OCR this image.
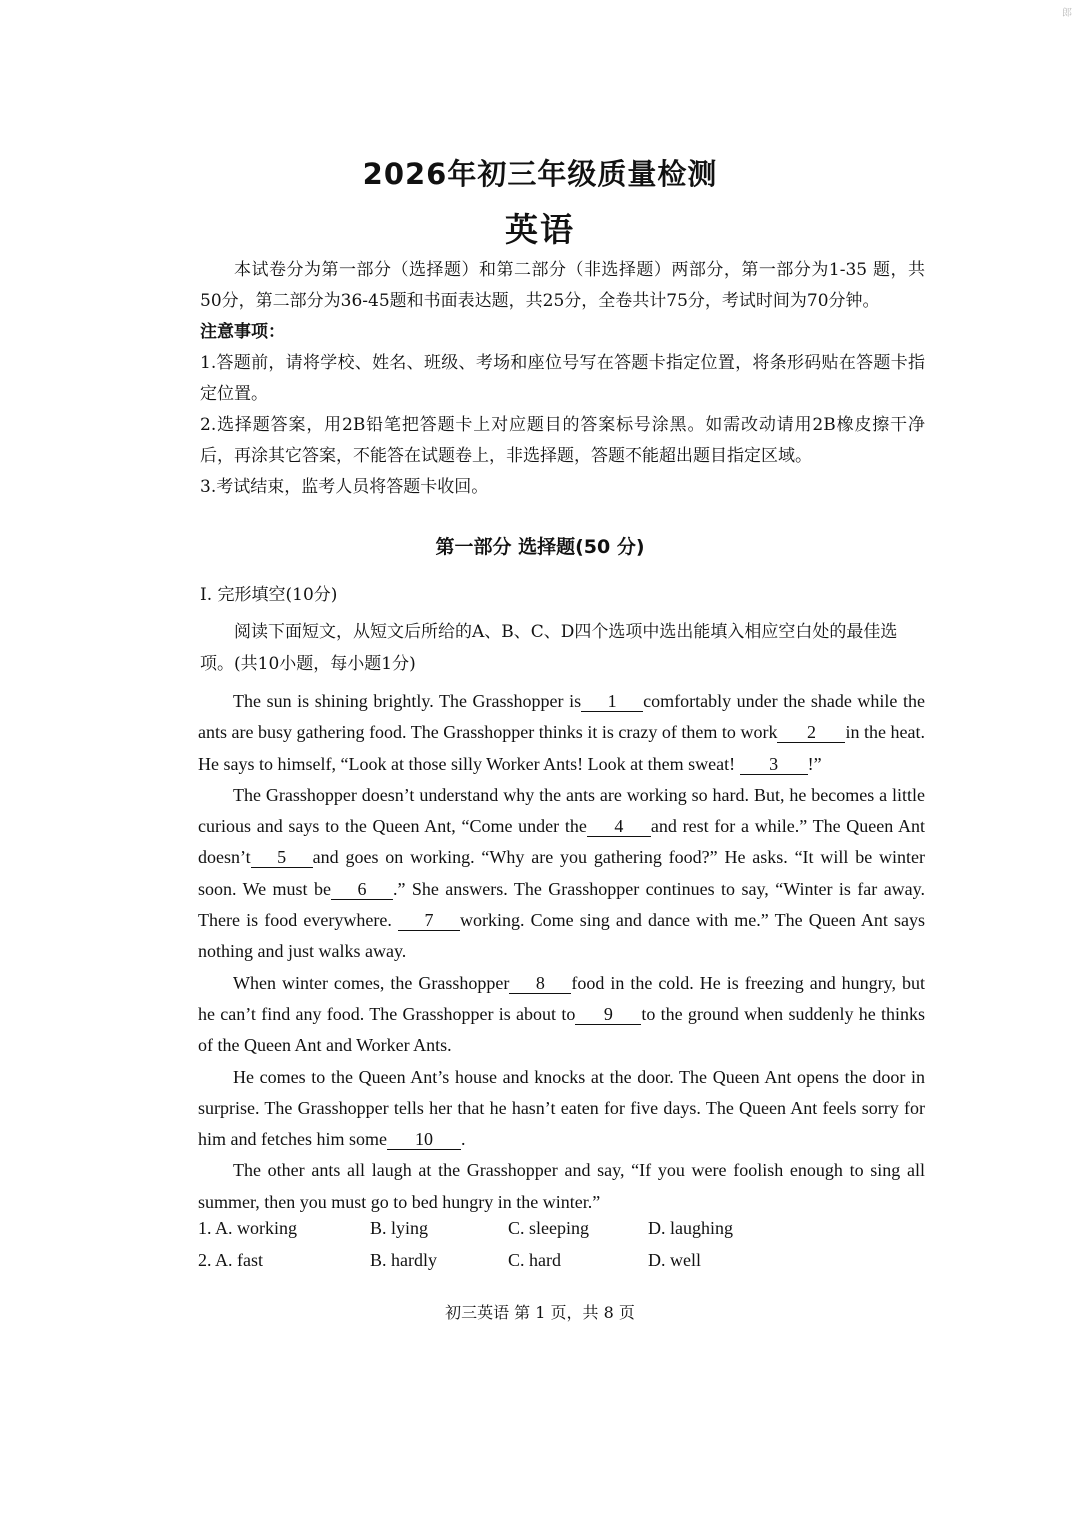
郎
2026年初三年级质量检测
英语

本试卷分为第一部分（选择题）和第二部分（非选择题）两部分，第一部分为1-35 题，共50分，第二部分为36-45题和书面表达题，共25分，全卷共计75分，考试时间为70分钟。

注意事项：

1.答题前，请将学校、姓名、班级、考场和座位号写在答题卡指定位置，将条形码贴在答题卡指定位置。

2.选择题答案，用2B铅笔把答题卡上对应题目的答案标号涂黑。如需改动请用2B橡皮擦干净后，再涂其它答案，不能答在试题卷上，非选择题，答题不能超出题目指定区域。

3.考试结束，监考人员将答题卡收回。

第一部分 选择题(50 分)
I. 完形填空(10分)

阅读下面短文，从短文后所给的A、B、C、D四个选项中选出能填入相应空白处的最佳选项。(共10小题，每小题1分)

The sun is shining brightly. The Grasshopper is 1 comfortably under the shade while the ants are busy gathering food. The Grasshopper thinks it is crazy of them to work 2 in the heat. He says to himself, “Look at those silly Worker Ants! Look at them sweat! 3 !”

The Grasshopper doesn’t understand why the ants are working so hard. But, he becomes a little curious and says to the Queen Ant, “Come under the 4 and rest for a while.” The Queen Ant doesn’t 5 and goes on working. “Why are you gathering food?” He asks. “It will be winter soon. We must be 6 .” She answers. The Grasshopper continues to say, “Winter is far away. There is food everywhere. 7 working. Come sing and dance with me.” The Queen Ant says nothing and just walks away.

When winter comes, the Grasshopper 8 food in the cold. He is freezing and hungry, but he can’t find any food. The Grasshopper is about to 9 to the ground when suddenly he thinks of the Queen Ant and Worker Ants.

He comes to the Queen Ant’s house and knocks at the door. The Queen Ant opens the door in surprise. The Grasshopper tells her that he hasn’t eaten for five days. The Queen Ant feels sorry for him and fetches him some 10 .

The other ants all laugh at the Grasshopper and say, “If you were foolish enough to sing all summer, then you must go to bed hungry in the winter.”

1. A. working	B. lying	C. sleeping	D. laughing
2. A. fast	B. hardly	C. hard	D. well
初三英语 第 1 页，共 8 页
